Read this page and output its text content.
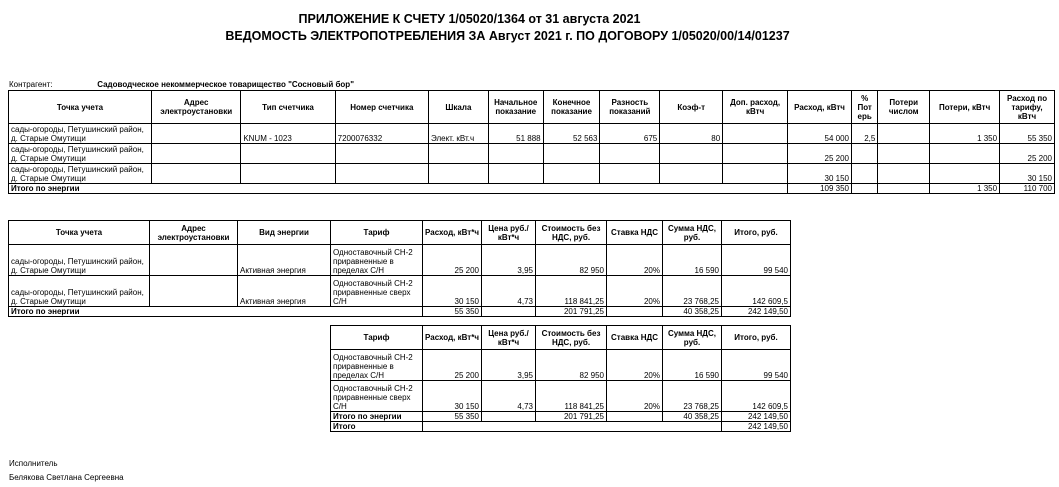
ПРИЛОЖЕНИЕ К СЧЕТУ 1/05020/1364 от 31 августа 2021
ВЕДОМОСТЬ ЭЛЕКТРОПОТРЕБЛЕНИЯ ЗА Август 2021 г. ПО ДОГОВОРУ 1/05020/00/14/01237
Контрагент:	Садоводческое некоммерческое товарищество "Сосновый бор"
Точка учета	Адрес электроустановки	Тип счетчика	Номер счетчика	Шкала	Начальное показание	Конечное показание	Разность показаний	Коэф-т	Доп. расход, кВтч	Расход, кВтч	% Пот ерь	Потери числом	Потери, кВтч	Расход по тарифу, кВтч
сады-огороды, Петушинский район, д. Старые Омутищи		KNUM - 1023	7200076332	Элект. кВт.ч	51 888	52 563	675	80		54 000	2,5		1 350	55 350
сады-огороды, Петушинский район, д. Старые Омутищи										25 200				25 200
сады-огороды, Петушинский район, д. Старые Омутищи										30 150				30 150
Итого по энергии										109 350			1 350	110 700
Точка учета	Адрес электроустановки	Вид энергии	Тариф	Расход, кВт*ч	Цена руб./кВт*ч	Стоимость без НДС, руб.	Ставка НДС	Сумма НДС, руб.	Итого, руб.
сады-огороды, Петушинский район, д. Старые Омутищи		Активная энергия	Одноставочный СН-2 приравненные в пределах С/Н	25 200	3,95	82 950	20%	16 590	99 540
сады-огороды, Петушинский район, д. Старые Омутищи		Активная энергия	Одноставочный СН-2 приравненные сверх С/Н	30 150	4,73	118 841,25	20%	23 768,25	142 609,5
Итого по энергии				55 350		201 791,25		40 358,25	242 149,50
Тариф	Расход, кВт*ч	Цена руб./кВт*ч	Стоимость без НДС, руб.	Ставка НДС	Сумма НДС, руб.	Итого, руб.
Одноставочный СН-2 приравненные в пределах С/Н	25 200	3,95	82 950	20%	16 590	99 540
Одноставочный СН-2 приравненные сверх С/Н	30 150	4,73	118 841,25	20%	23 768,25	142 609,5
Итого по энергии	55 350		201 791,25		40 358,25	242 149,50
Итого						242 149,50
Исполнитель
Белякова Светлана Сергеевна
